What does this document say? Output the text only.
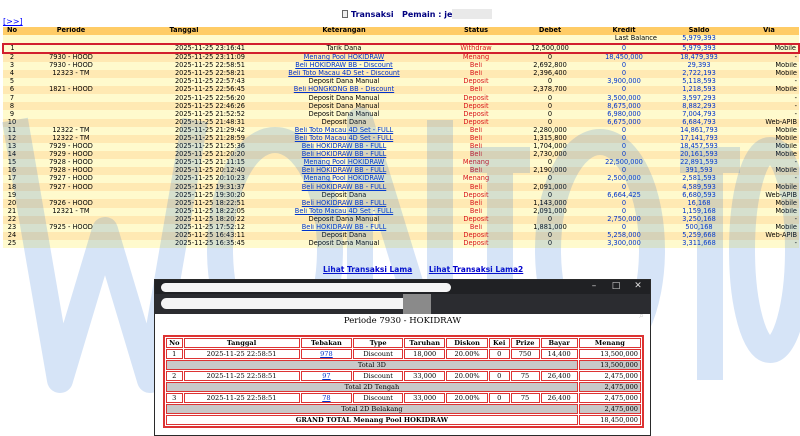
[>>]
Transaksi Pemain : je
No	Periode	Tanggal	Keterangan	Status	Debet	Kredit	Saldo	Via
Last Balance							5,979,393	
1		2025-11-25 23:16:41	Tarik Dana	Withdraw	12,500,000	0	5,979,393	Mobile
2	7930 - HOOD	2025-11-25 23:11:09	Menang Pool HOKIDRAW	Menang	0	18,450,000	18,479,393	-
3	7930 - HOOD	2025-11-25 22:58:51	Beli HOKIDRAW BB - Discount	Beli	2,692,800	0	29,393	Mobile
4	12323 - TM	2025-11-25 22:58:21	Beli Toto Macau 4D Set - Discount	Beli	2,396,400	0	2,722,193	Mobile
5		2025-11-25 22:57:43	Deposit Dana Manual	Deposit	0	3,900,000	5,118,593	-
6	1821 - HOOD	2025-11-25 22:56:45	Beli HONGKONG BB - Discount	Beli	2,378,700	0	1,218,593	Mobile
7		2025-11-25 22:56:20	Deposit Dana Manual	Deposit	0	3,500,000	3,597,293	-
8		2025-11-25 22:46:26	Deposit Dana Manual	Deposit	0	8,675,000	8,882,293	-
9		2025-11-25 21:52:52	Deposit Dana Manual	Deposit	0	6,980,000	7,004,793	-
10		2025-11-25 21:48:31	Deposit Dana	Deposit	0	6,675,000	6,684,793	Web-APIB
11	12322 - TM	2025-11-25 21:29:42	Beli Toto Macau 4D Set - FULL	Beli	2,280,000	0	14,861,793	Mobile
12	12322 - TM	2025-11-25 21:28:59	Beli Toto Macau 4D Set - FULL	Beli	1,315,800	0	17,141,793	Mobile
13	7929 - HOOD	2025-11-25 21:25:36	Beli HOKIDRAW BB - FULL	Beli	1,704,000	0	18,457,593	Mobile
14	7929 - HOOD	2025-11-25 21:20:20	Beli HOKIDRAW BB - FULL	Beli	2,730,000	0	20,161,593	Mobile
15	7928 - HOOD	2025-11-25 21:11:15	Menang Pool HOKIDRAW	Menang	0	22,500,000	22,891,593	-
16	7928 - HOOD	2025-11-25 20:12:40	Beli HOKIDRAW BB - FULL	Beli	2,190,000	0	391,593	Mobile
17	7927 - HOOD	2025-11-25 20:10:23	Menang Pool HOKIDRAW	Menang	0	2,500,000	2,581,593	-
18	7927 - HOOD	2025-11-25 19:31:37	Beli HOKIDRAW BB - FULL	Beli	2,091,000	0	4,589,593	Mobile
19		2025-11-25 19:30:20	Deposit Dana	Deposit	0	6,664,425	6,680,593	Web-APIB
20	7926 - HOOD	2025-11-25 18:22:51	Beli HOKIDRAW BB - FULL	Beli	1,143,000	0	16,168	Mobile
21	12321 - TM	2025-11-25 18:22:05	Beli Toto Macau 4D Set - FULL	Beli	2,091,000	0	1,159,168	Mobile
22		2025-11-25 18:20:22	Deposit Dana Manual	Deposit	0	2,750,000	3,250,168	-
23	7925 - HOOD	2025-11-25 17:52:12	Beli HOKIDRAW BB - FULL	Beli	1,881,000	0	500,168	Mobile
24		2025-11-25 16:43:11	Deposit Dana	Deposit	0	5,258,000	5,259,668	Web-APIB
25		2025-11-25 16:35:45	Deposit Dana Manual	Deposit	0	3,300,000	3,311,668	-
Lihat Transaksi Lama Lihat Transaksi Lama2
–	□ ✕
⌕
Periode 7930 - HOKIDRAW
No	Tanggal	Tebakan	Type	Taruhan	Diskon	Kei	Prize	Bayar	Menang
1	2025-11-25 22:58:51	978	Discount	18,000	20.00%	0	750	14,400	13,500,000
Total 3D									13,500,000
2	2025-11-25 22:58:51	97	Discount	33,000	20.00%	0	75	26,400	2,475,000
Total 2D Tengah									2,475,000
3	2025-11-25 22:58:51	78	Discount	33,000	20.00%	0	75	26,400	2,475,000
Total 2D Belakang									2,475,000
GRAND TOTAL Menang Pool HOKIDRAW									18,450,000
